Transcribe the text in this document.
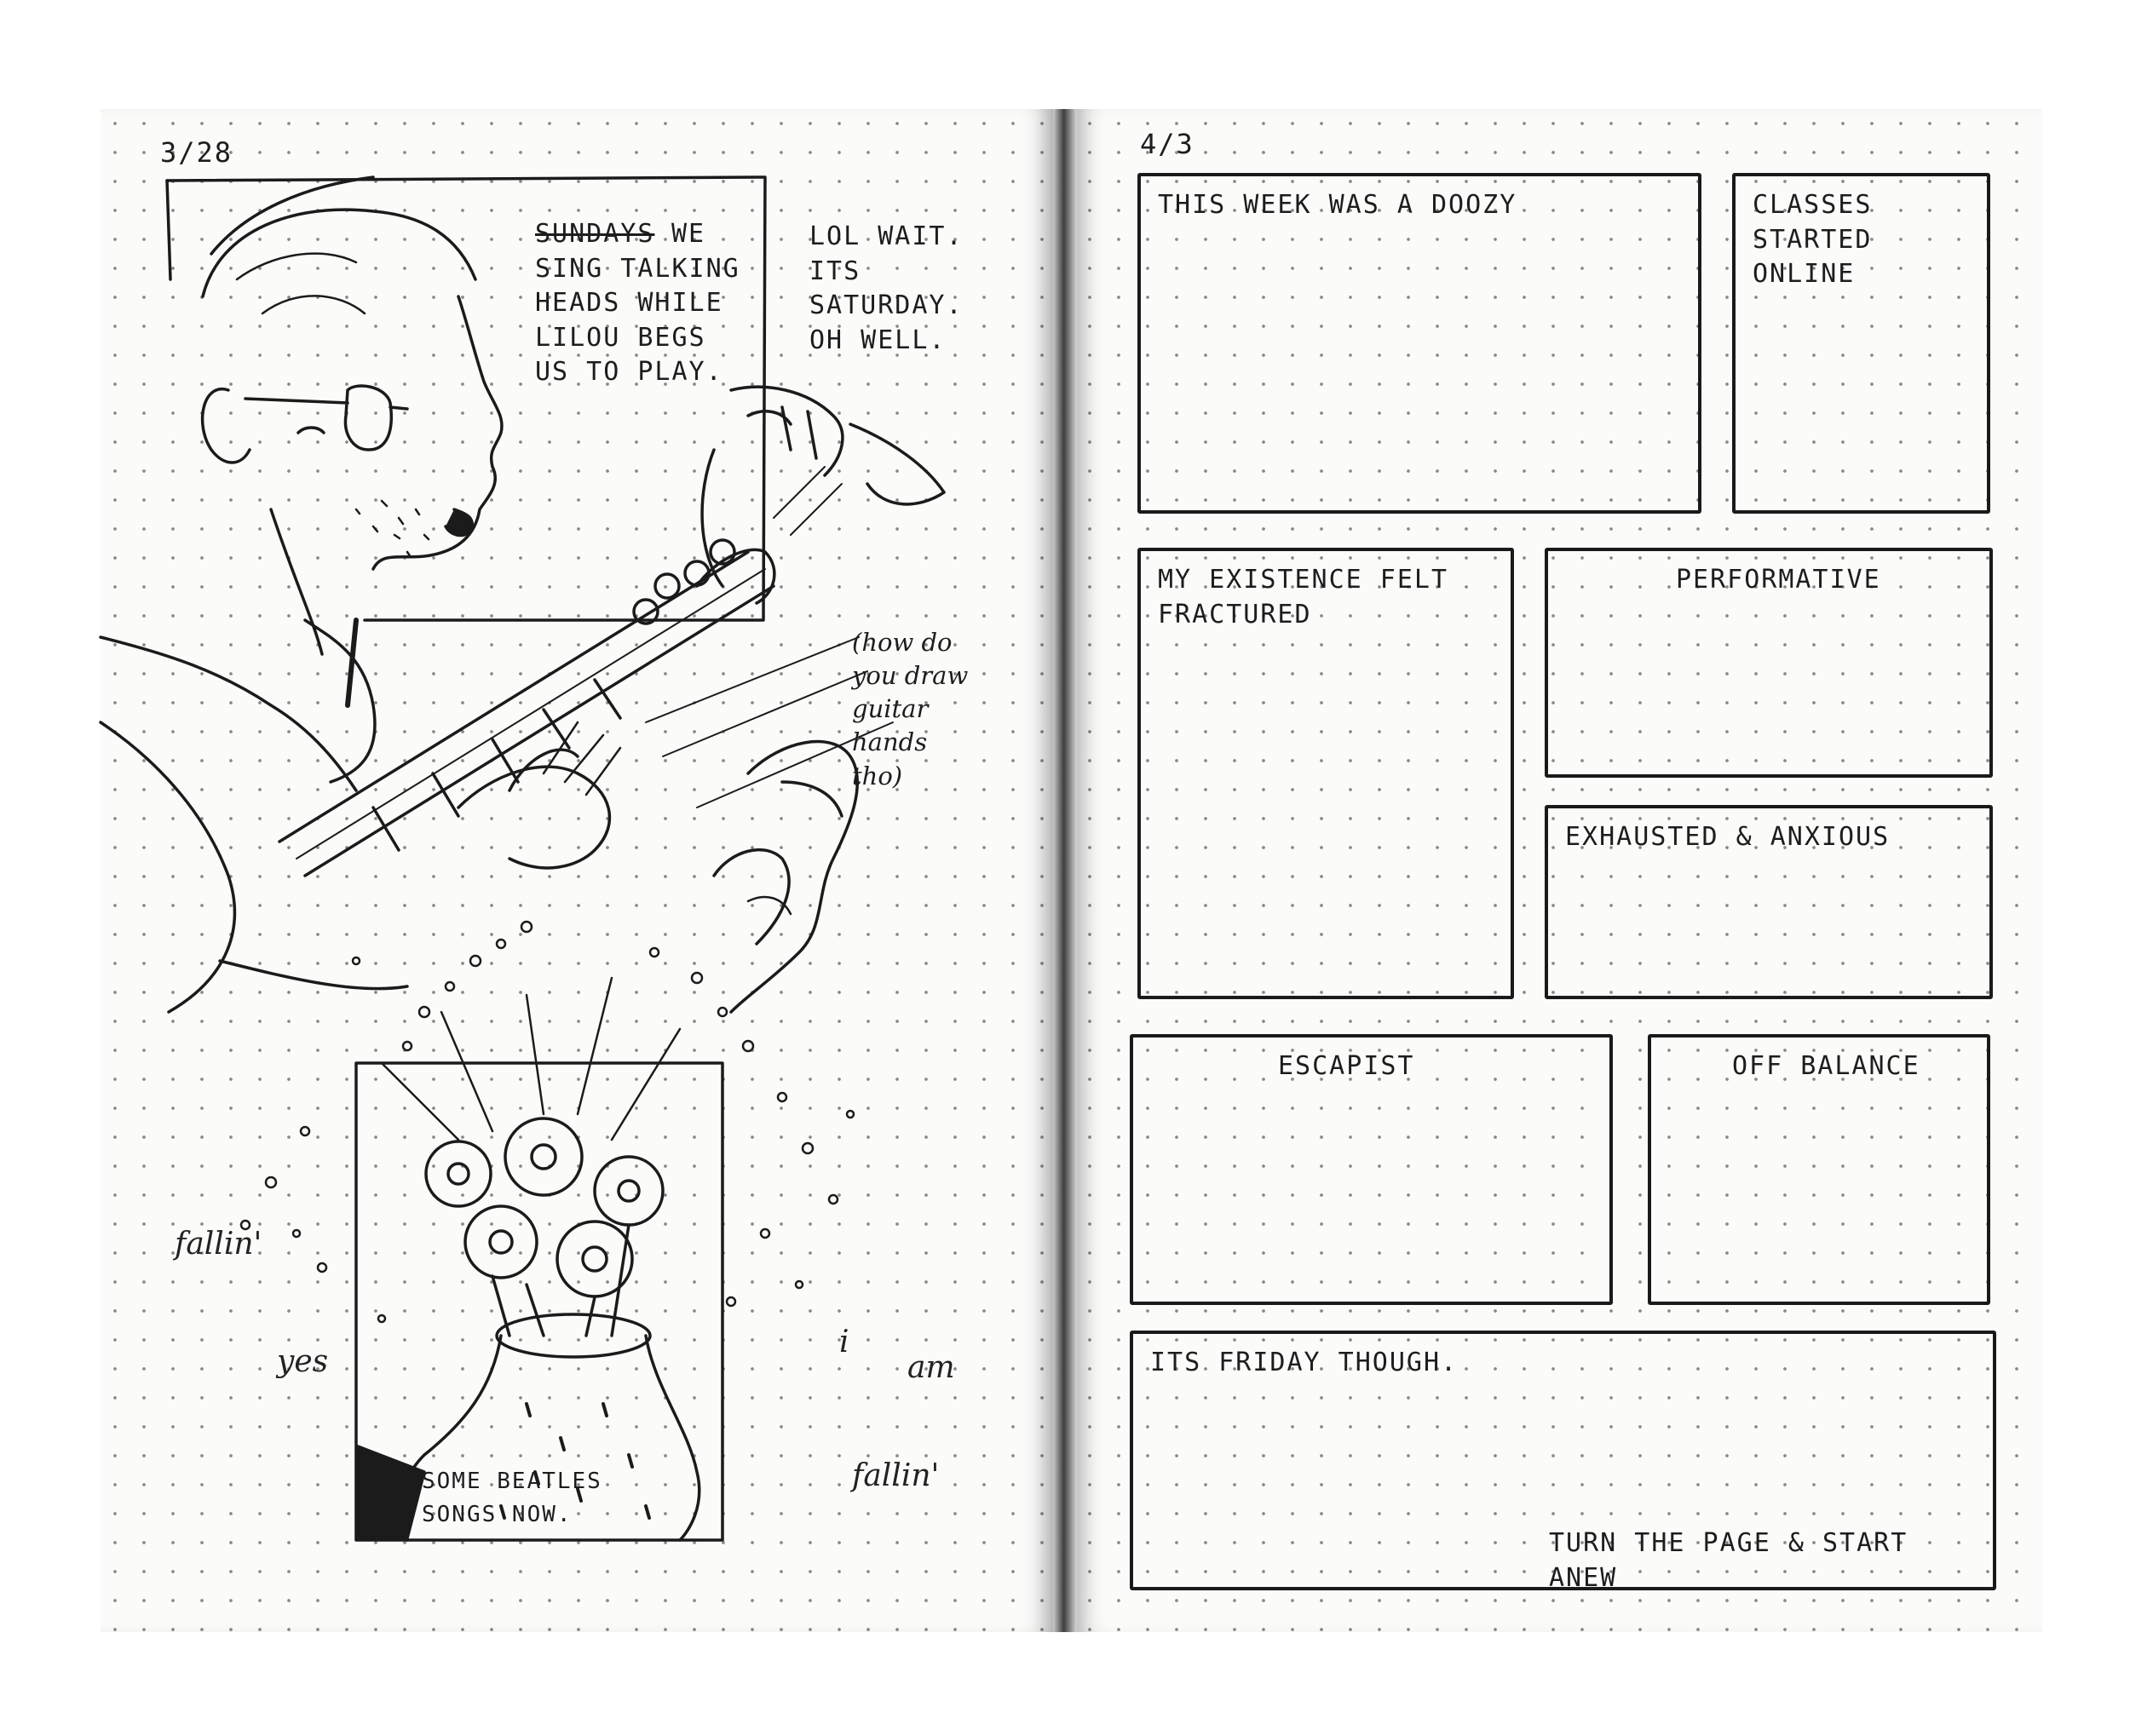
3/28
SUNDAYS WE
SING TALKING
HEADS WHILE
LILOU BEGS
US TO PLAY.
LOL WAIT.
ITS SATURDAY.
OH WELL.
(how do
you draw
guitar
hands
tho)
fallin'
yes
i
am
fallin'
SOME BEATLES
SONGS NOW.
4/3
THIS WEEK WAS A DOOZY	CLASSES STARTED ONLINE
MY EXISTENCE FELT FRACTURED
PERFORMATIVE
EXHAUSTED & ANXIOUS
ESCAPIST	OFF BALANCE
ITS FRIDAY THOUGH.
TURN THE PAGE & START ANEW
